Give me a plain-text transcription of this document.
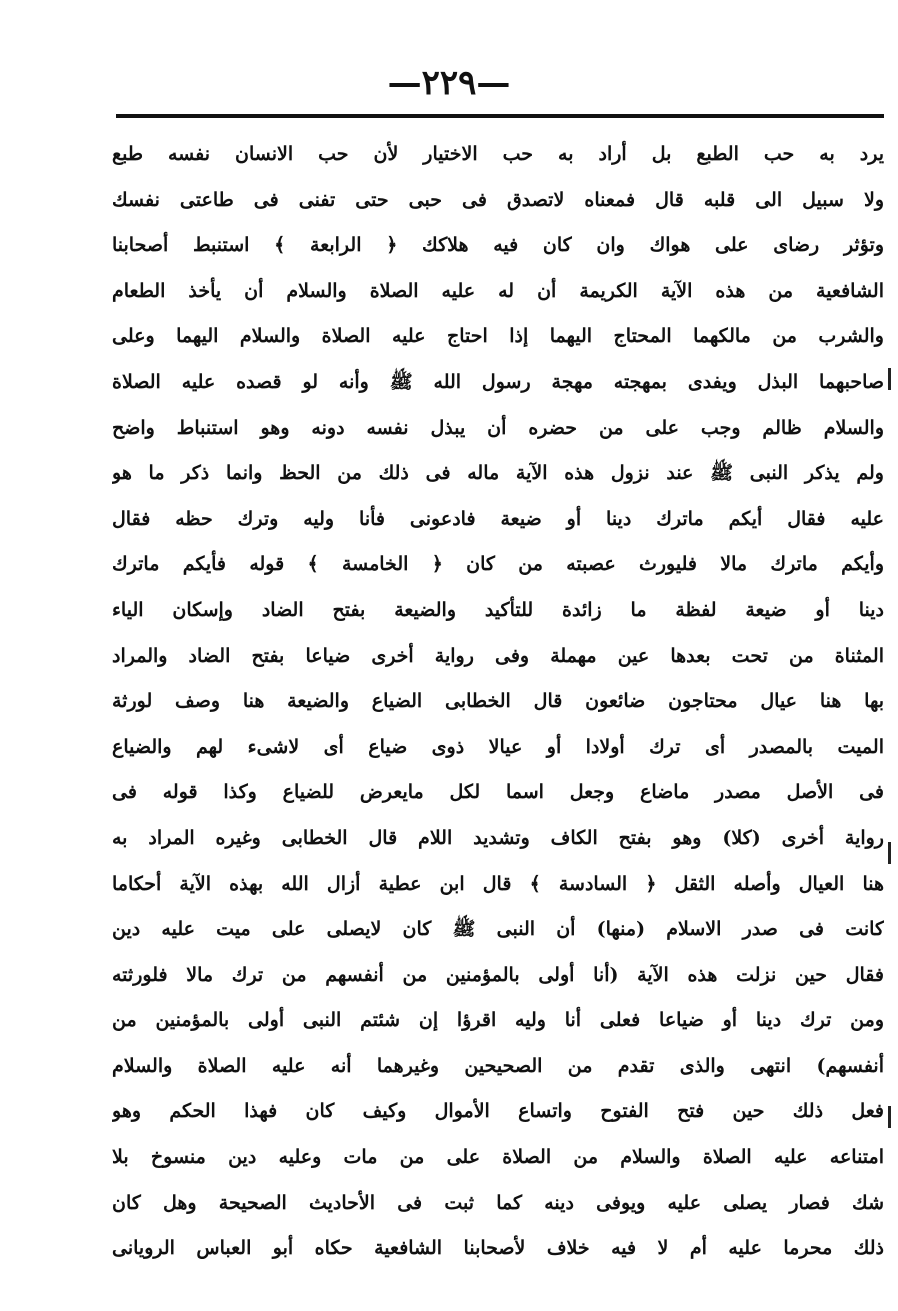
—٢٢٩—
يرد به حب الطبع بل أراد به حب الاختيار لأن حب الانسان نفسه طبع
ولا سبيل الى قلبه قال فمعناه لاتصدق فى حبى حتى تفنى فى طاعتى نفسك
وتؤثر رضاى على هواك وان كان فيه هلاكك ﴿ الرابعة ﴾ استنبط أصحابنا
الشافعية من هذه الآية الكريمة أن له عليه الصلاة والسلام أن يأخذ الطعام
والشرب من مالكهما المحتاج اليهما إذا احتاج عليه الصلاة والسلام اليهما وعلى
صاحبهما البذل ويفدى بمهجته مهجة رسول الله ﷺ وأنه لو قصده عليه الصلاة
والسلام ظالم وجب على من حضره أن يبذل نفسه دونه وهو استنباط واضح
ولم يذكر النبى ﷺ عند نزول هذه الآية ماله فى ذلك من الحظ وانما ذكر ما هو
عليه فقال أيكم ماترك دينا أو ضيعة فادعونى فأنا وليه وترك حظه فقال
وأيكم ماترك مالا فليورث عصبته من كان ﴿ الخامسة ﴾ قوله فأيكم ماترك
دينا أو ضيعة لفظة ما زائدة للتأكيد والضيعة بفتح الضاد وإسكان الياء
المثناة من تحت بعدها عين مهملة وفى رواية أخرى ضياعا بفتح الضاد والمراد
بها هنا عيال محتاجون ضائعون قال الخطابى الضياع والضيعة هنا وصف لورثة
الميت بالمصدر أى ترك أولادا أو عيالا ذوى ضياع أى لاشىء لهم والضياع
فى الأصل مصدر ماضاع وجعل اسما لكل مايعرض للضياع وكذا قوله فى
رواية أخرى (كلا) وهو بفتح الكاف وتشديد اللام قال الخطابى وغيره المراد به
هنا العيال وأصله الثقل ﴿ السادسة ﴾ قال ابن عطية أزال الله بهذه الآية أحكاما
كانت فى صدر الاسلام (منها) أن النبى ﷺ كان لايصلى على ميت عليه دين
فقال حين نزلت هذه الآية (أنا أولى بالمؤمنين من أنفسهم من ترك مالا فلورثته
ومن ترك دينا أو ضياعا فعلى أنا وليه اقرؤا إن شئتم النبى أولى بالمؤمنين من
أنفسهم) انتهى والذى تقدم من الصحيحين وغيرهما أنه عليه الصلاة والسلام
فعل ذلك حين فتح الفتوح واتساع الأموال وكيف كان فهذا الحكم وهو
امتناعه عليه الصلاة والسلام من الصلاة على من مات وعليه دين منسوخ بلا
شك فصار يصلى عليه ويوفى دينه كما ثبت فى الأحاديث الصحيحة وهل كان
ذلك محرما عليه أم لا فيه خلاف لأصحابنا الشافعية حكاه أبو العباس الرويانى
